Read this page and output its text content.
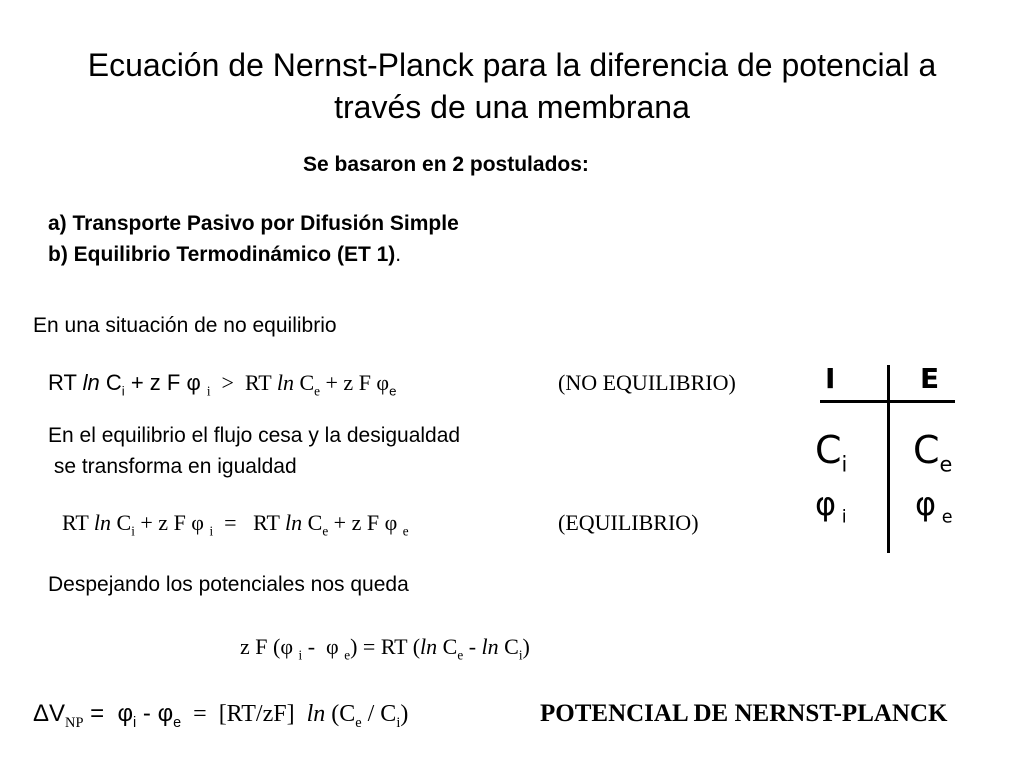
Ecuación de Nernst-Planck para la diferencia de potencial a
través de una membrana
Se basaron en 2 postulados:
a) Transporte Pasivo por Difusión Simple
b) Equilibrio Termodinámico (ET 1).
En una situación de no equilibrio
RT $\ln C_i + z$ F φ $_i$  >  RT $\ln C_e + z$ F $\varphi_e$	(NO EQUILIBRIO)
En el equilibrio el flujo cesa y la desigualdad
se transforma en igualdad
RT $\ln C_i + z$ F φ $_i$  =   RT $\ln C_e + z$ F φ $_e$	(EQUILIBRIO)
Despejando los potenciales nos queda
z F (φ $_i$ -  φ $_e$) = RT (ln $C_e$ - $\ln C_i$)
$\Delta V_{NP} = \varphi_i - \varphi_e = [RT/zF]$  $\ln (C_e / C_i)$	POTENCIAL DE NERNST-PLANCK
I	E
$C_i$ $C_e$
φ $_i$ φ $_e$
